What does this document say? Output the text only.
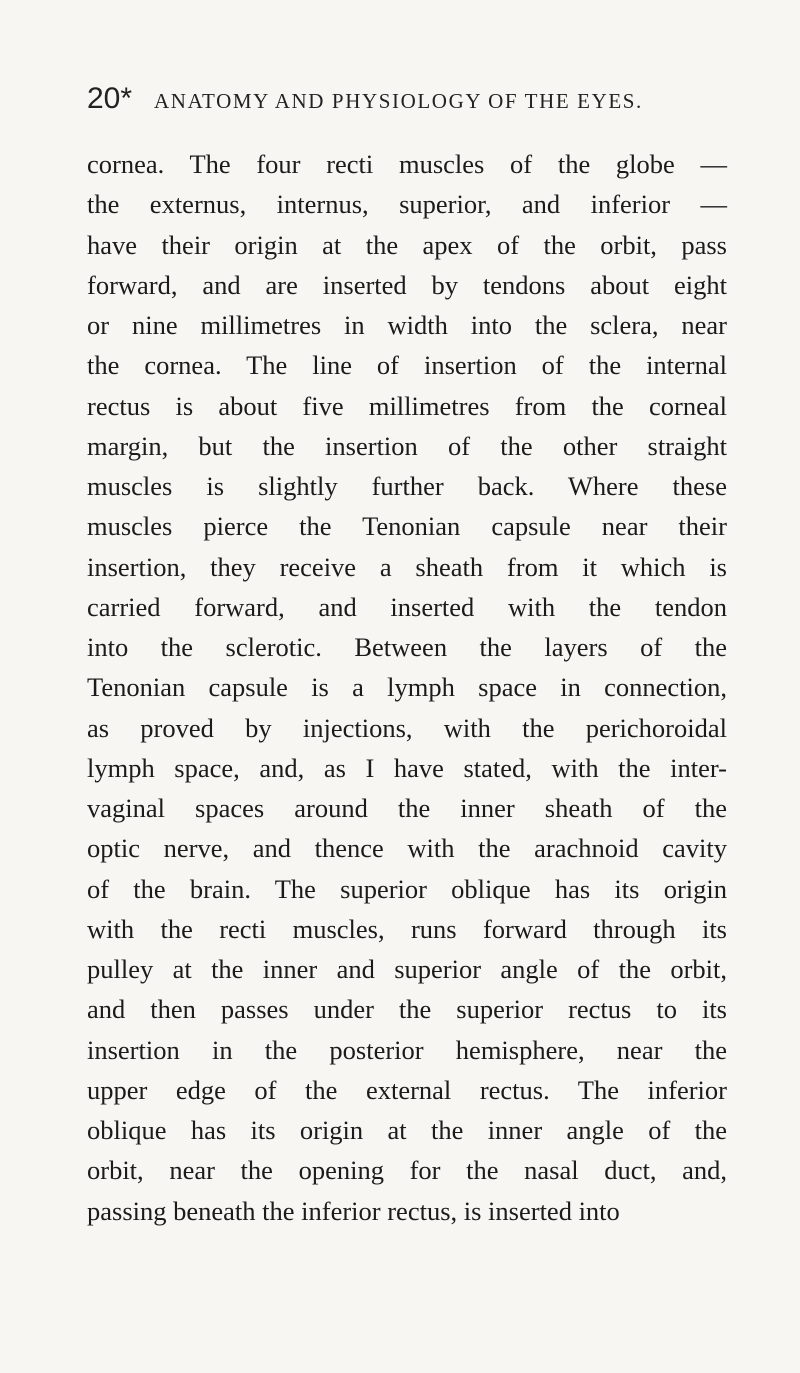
20* ANATOMY AND PHYSIOLOGY OF THE EYES.
cornea. The four recti muscles of the globe —
the externus, internus, superior, and inferior —
have their origin at the apex of the orbit, pass
forward, and are inserted by tendons about eight
or nine millimetres in width into the sclera, near
the cornea. The line of insertion of the internal
rectus is about five millimetres from the corneal
margin, but the insertion of the other straight
muscles is slightly further back. Where these
muscles pierce the Tenonian capsule near their
insertion, they receive a sheath from it which is
carried forward, and inserted with the tendon
into the sclerotic. Between the layers of the
Tenonian capsule is a lymph space in connection,
as proved by injections, with the perichoroidal
lymph space, and, as I have stated, with the inter-
vaginal spaces around the inner sheath of the
optic nerve, and thence with the arachnoid cavity
of the brain. The superior oblique has its origin
with the recti muscles, runs forward through its
pulley at the inner and superior angle of the orbit,
and then passes under the superior rectus to its
insertion in the posterior hemisphere, near the
upper edge of the external rectus. The inferior
oblique has its origin at the inner angle of the
orbit, near the opening for the nasal duct, and,
passing beneath the inferior rectus, is inserted into
